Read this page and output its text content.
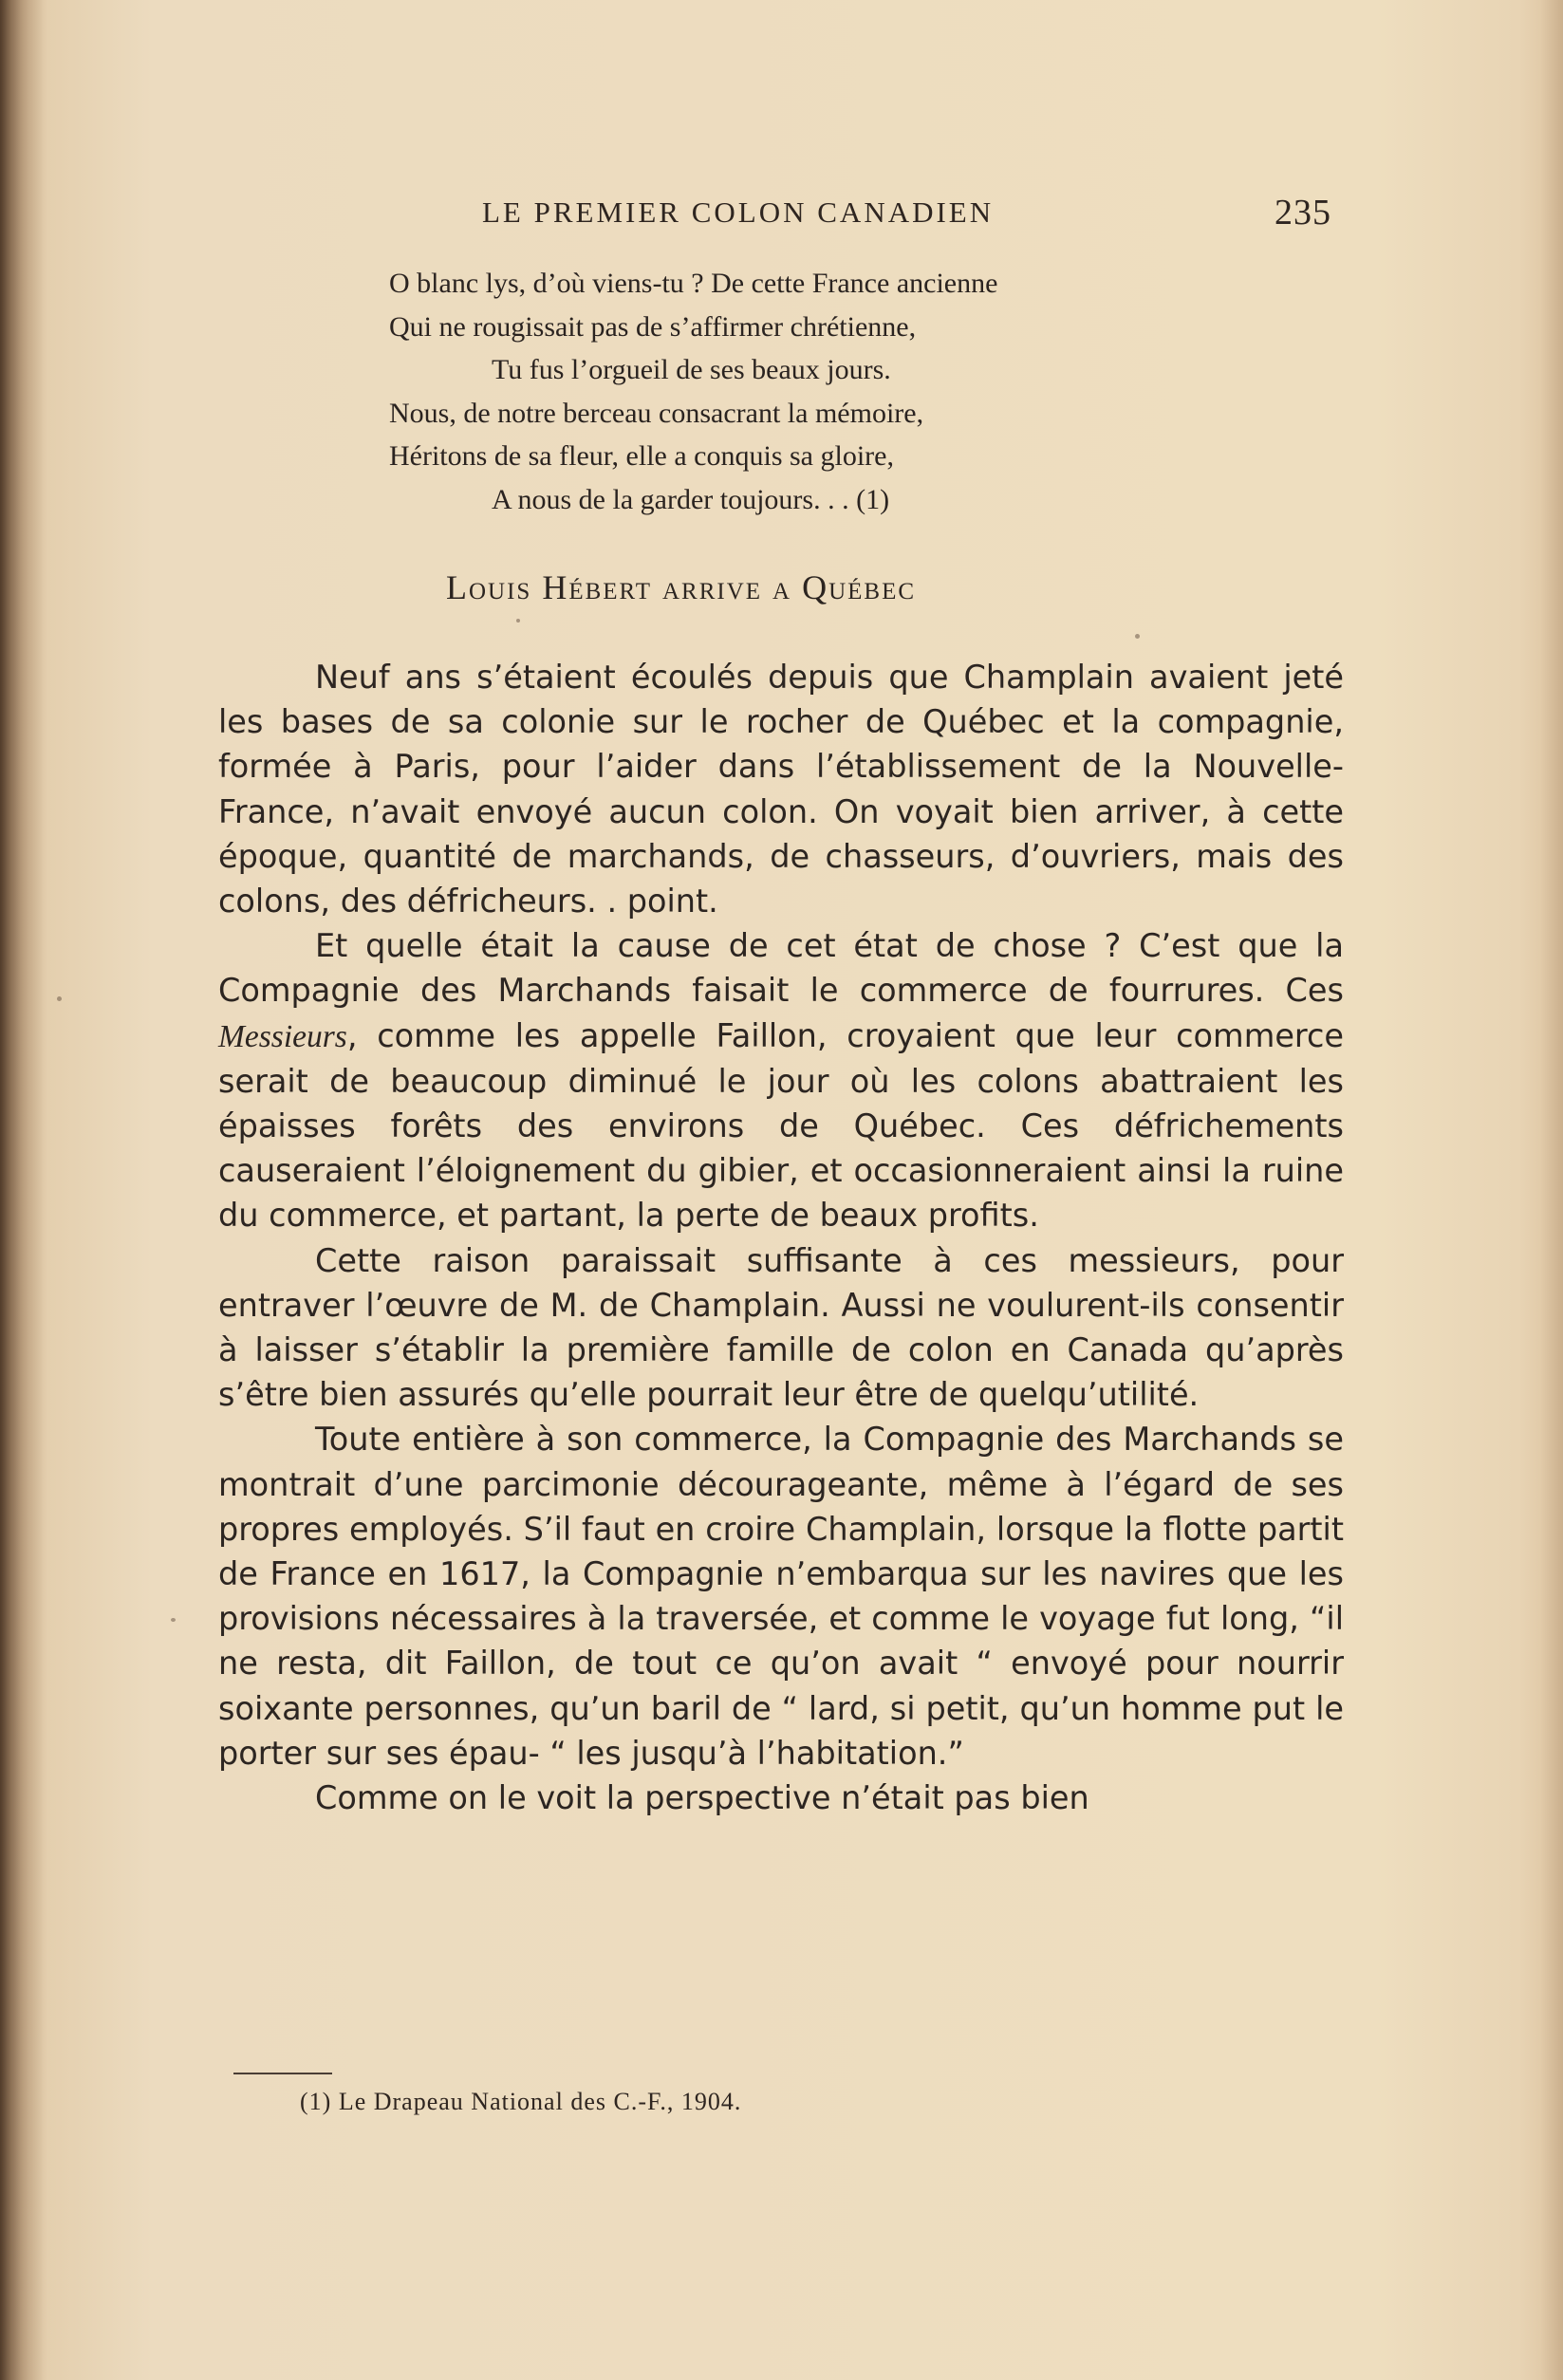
LE PREMIER COLON CANADIEN	235
O blanc lys, d’où viens-tu ? De cette France ancienne
Qui ne rougissait pas de s’affirmer chrétienne,
Tu fus l’orgueil de ses beaux jours.
Nous, de notre berceau consacrant la mémoire,
Héritons de sa fleur, elle a conquis sa gloire,
A nous de la garder toujours. . . (1)
Louis Hébert arrive a Québec

Neuf ans s’étaient écoulés depuis que Champlain avaient jeté les bases de sa colonie sur le rocher de Québec et la compagnie, formée à Paris, pour l’aider dans l’établissement de la Nouvelle-France, n’avait envoyé aucun colon. On voyait bien arriver, à cette époque, quantité de marchands, de chasseurs, d’ouvriers, mais des colons, des défricheurs. . point.

Et quelle était la cause de cet état de chose ? C’est que la Compagnie des Marchands faisait le commerce de fourrures. Ces Messieurs, comme les appelle Faillon, croyaient que leur commerce serait de beaucoup diminué le jour où les colons abattraient les épaisses forêts des environs de Québec. Ces défrichements causeraient l’éloignement du gibier, et occasionneraient ainsi la ruine du commerce, et partant, la perte de beaux profits.

Cette raison paraissait suffisante à ces messieurs, pour entraver l’œuvre de M. de Champlain. Aussi ne voulurent-ils consentir à laisser s’établir la première famille de colon en Canada qu’après s’être bien assurés qu’elle pourrait leur être de quelqu’utilité.

Toute entière à son commerce, la Compagnie des Marchands se montrait d’une parcimonie décourageante, même à l’égard de ses propres employés. S’il faut en croire Champlain, lorsque la flotte partit de France en 1617, la Compagnie n’embarqua sur les navires que les provisions nécessaires à la traversée, et comme le voyage fut long, “il ne resta, dit Faillon, de tout ce qu’on avait “ envoyé pour nourrir soixante personnes, qu’un baril de “ lard, si petit, qu’un homme put le porter sur ses épau- “ les jusqu’à l’habitation.”

Comme on le voit la perspective n’était pas bien

(1) Le Drapeau National des C.-F., 1904.
